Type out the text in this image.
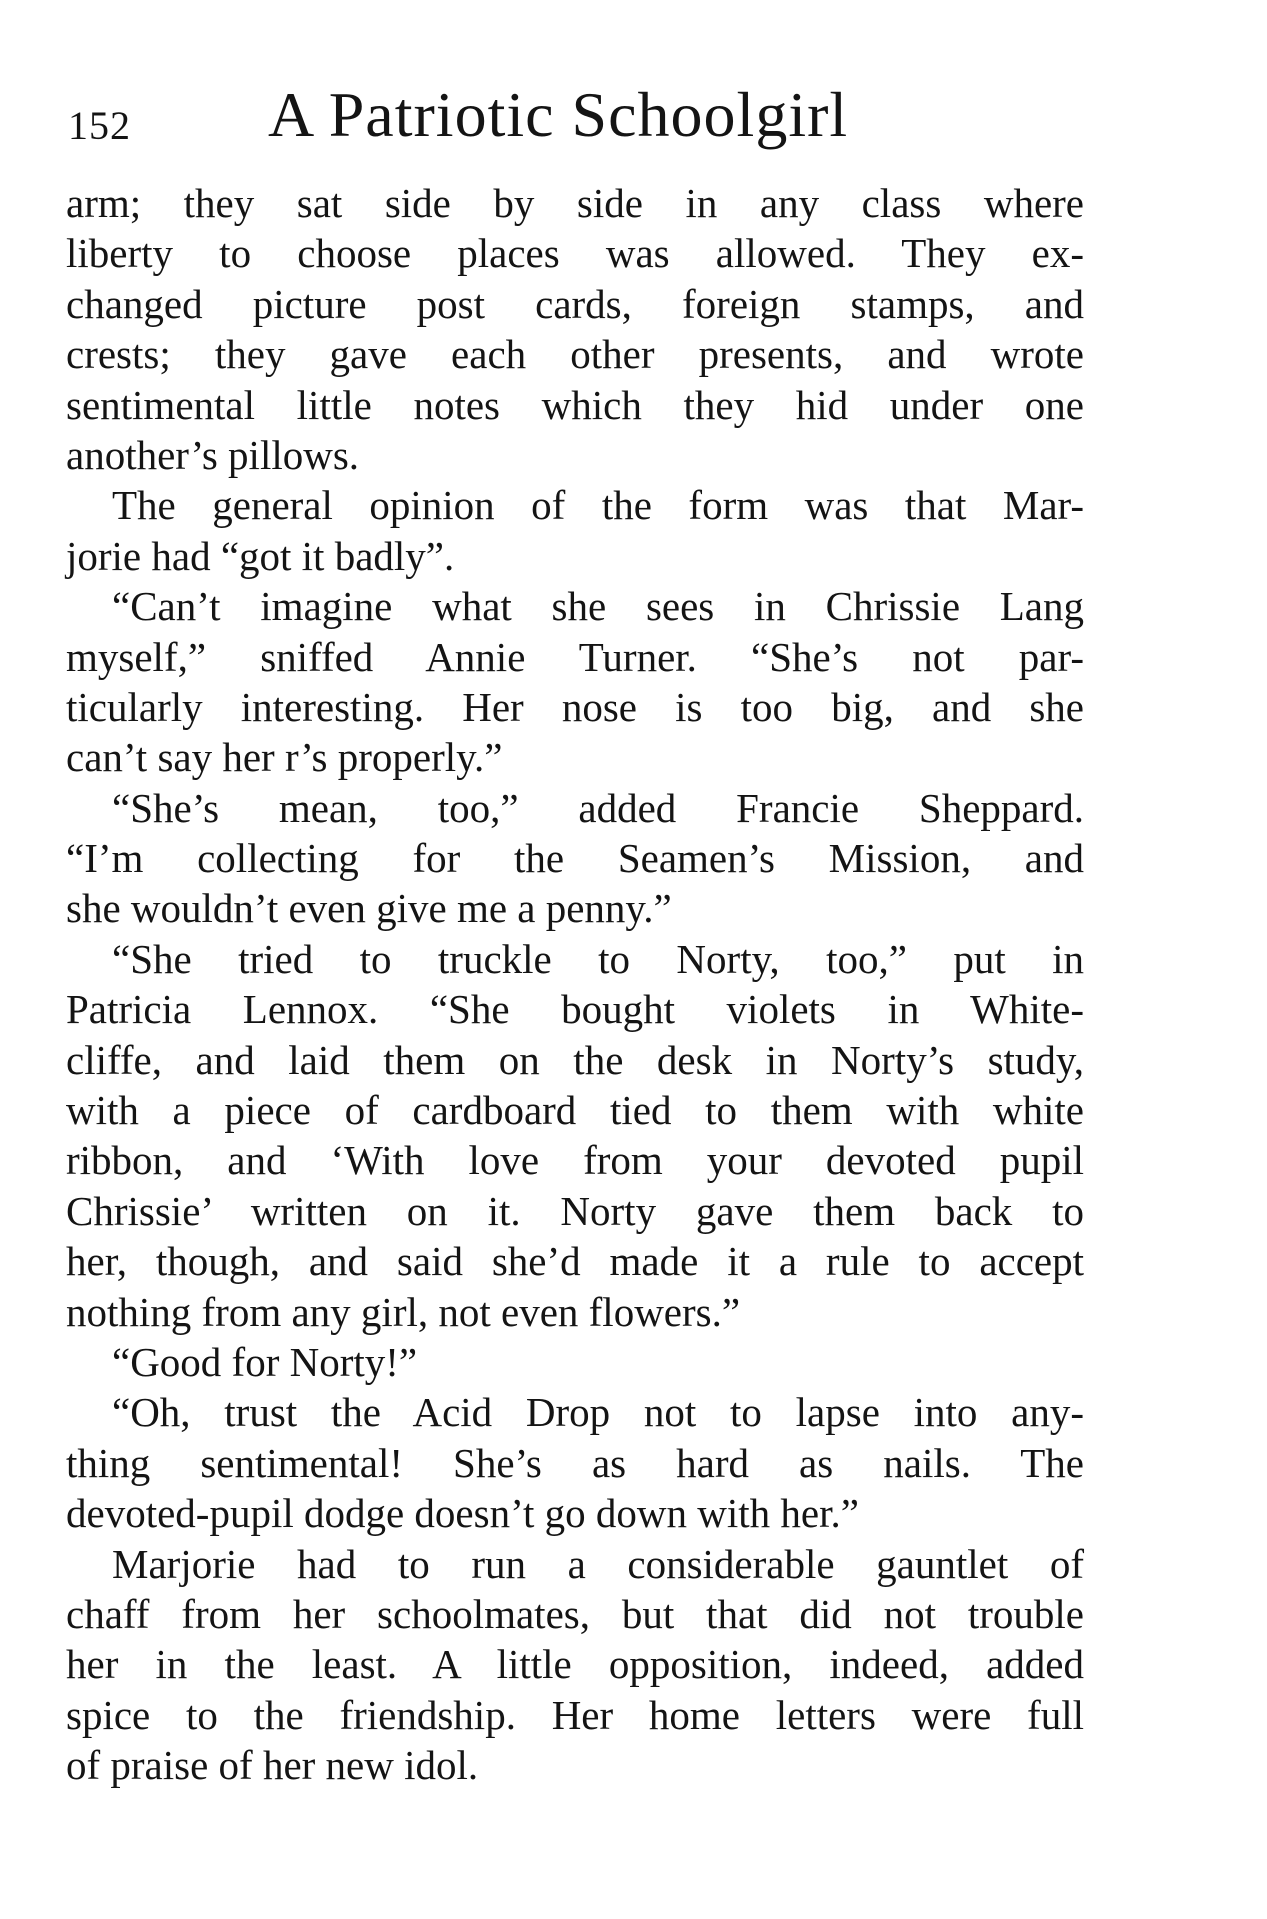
152 A Patriotic Schoolgirl
arm; they sat side by side in any class where
liberty to choose places was allowed. They ex-
changed picture post cards, foreign stamps, and
crests; they gave each other presents, and wrote
sentimental little notes which they hid under one
another’s pillows.
The general opinion of the form was that Mar-
jorie had “got it badly”.
“Can’t imagine what she sees in Chrissie Lang
myself,” sniffed Annie Turner. “She’s not par-
ticularly interesting. Her nose is too big, and she
can’t say her r’s properly.”
“She’s mean, too,” added Francie Sheppard.
“I’m collecting for the Seamen’s Mission, and
she wouldn’t even give me a penny.”
“She tried to truckle to Norty, too,” put in
Patricia Lennox. “She bought violets in White-
cliffe, and laid them on the desk in Norty’s study,
with a piece of cardboard tied to them with white
ribbon, and ‘With love from your devoted pupil
Chrissie’ written on it. Norty gave them back to
her, though, and said she’d made it a rule to accept
nothing from any girl, not even flowers.”
“Good for Norty!”
“Oh, trust the Acid Drop not to lapse into any-
thing sentimental! She’s as hard as nails. The
devoted-pupil dodge doesn’t go down with her.”
Marjorie had to run a considerable gauntlet of
chaff from her schoolmates, but that did not trouble
her in the least. A little opposition, indeed, added
spice to the friendship. Her home letters were full
of praise of her new idol.
